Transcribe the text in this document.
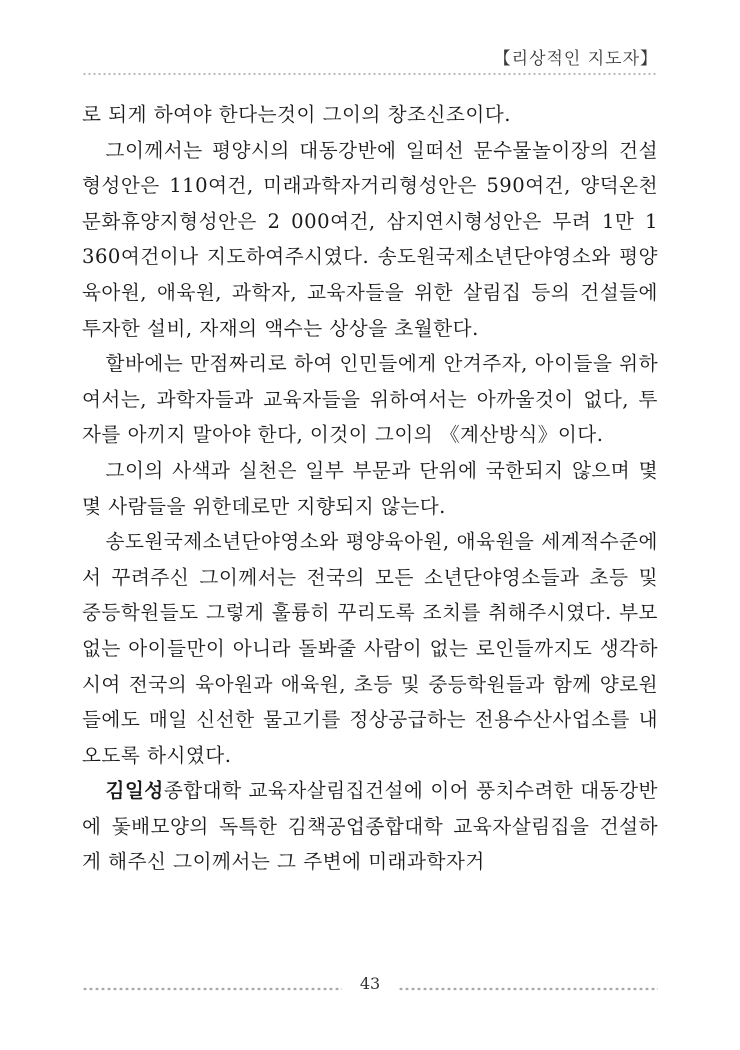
【리상적인 지도자】

로 되게 하여야 한다는것이 그이의 창조신조이다.

그이께서는 평양시의 대동강반에 일떠선 문수물놀이장의 건설형성안은 110여건, 미래과학자거리형성안은 590여건, 양덕온천문화휴양지형성안은 2 000여건, 삼지연시형성안은 무려 1만 1 360여건이나 지도하여주시였다. 송도원국제소년단야영소와 평양육아원, 애육원, 과학자, 교육자들을 위한 살림집 등의 건설들에 투자한 설비, 자재의 액수는 상상을 초월한다.

할바에는 만점짜리로 하여 인민들에게 안겨주자, 아이들을 위하여서는, 과학자들과 교육자들을 위하여서는 아까울것이 없다, 투자를 아끼지 말아야 한다, 이것이 그이의 《계산방식》이다.

그이의 사색과 실천은 일부 부문과 단위에 국한되지 않으며 몇몇 사람들을 위한데로만 지향되지 않는다.

송도원국제소년단야영소와 평양육아원, 애육원을 세계적수준에서 꾸려주신 그이께서는 전국의 모든 소년단야영소들과 초등 및 중등학원들도 그렇게 훌륭히 꾸리도록 조치를 취해주시였다. 부모없는 아이들만이 아니라 돌봐줄 사람이 없는 로인들까지도 생각하시여 전국의 육아원과 애육원, 초등 및 중등학원들과 함께 양로원들에도 매일 신선한 물고기를 정상공급하는 전용수산사업소를 내오도록 하시였다.

김일성종합대학 교육자살림집건설에 이어 풍치수려한 대동강반에 돛배모양의 독특한 김책공업종합대학 교육자살림집을 건설하게 해주신 그이께서는 그 주변에 미래과학자거

43
